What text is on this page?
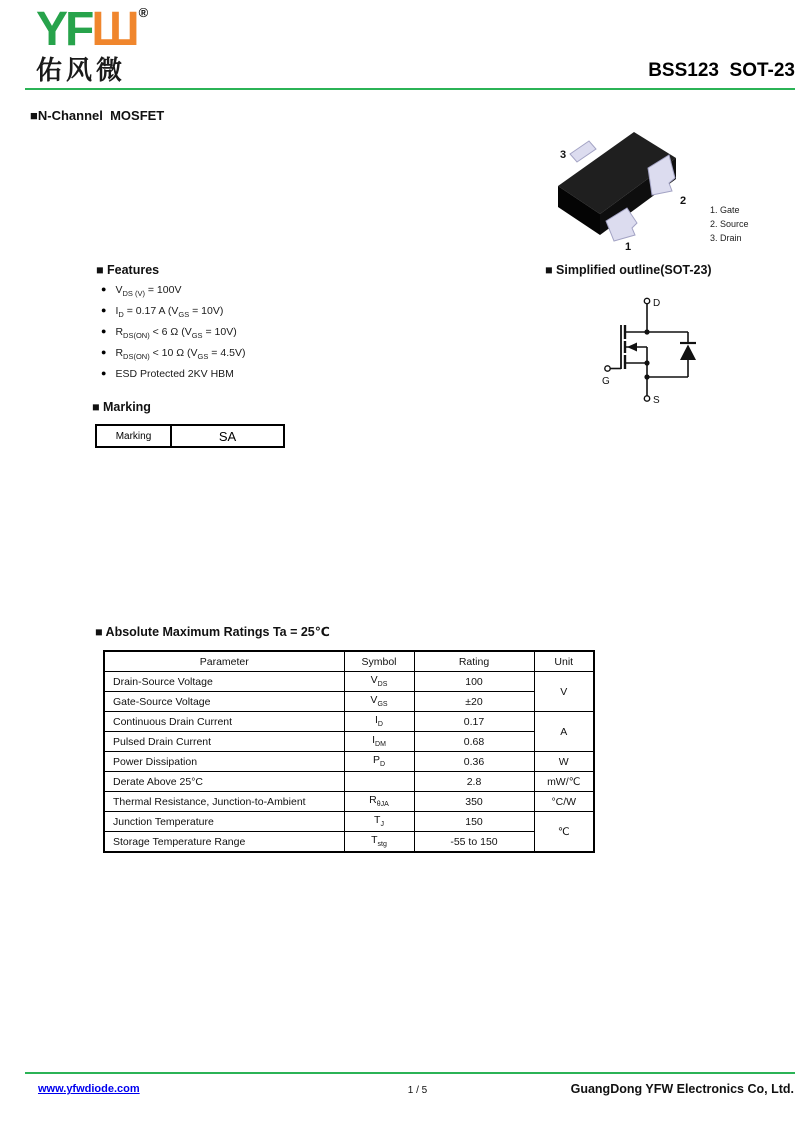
YFШ ®
佑风微	BSS123  SOT-23
■N-Channel  MOSFET
3
2
1
1. Gate
2. Source
3. Drain
■ Features
● $V_{DS (V)} = 100V$
● $I_D = 0.17$ A $(V_{GS} = 10V)$
● $R_{DS(ON)} < 6$ Ω $(V_{GS} = 10V)$
● $R_{DS(ON)} < 10$ Ω $(V_{GS} = 4.5V)$
● ESD Protected 2KV HBM
■ Simplified outline(SOT-23)
D
G
S
■ Marking
Marking	SA
■ Absolute Maximum Ratings Ta = 25℃
Parameter	Symbol	Rating	Unit
Drain-Source Voltage	$V_{DS}$	100	V
Gate-Source Voltage	$V_{GS}$	±20	
Continuous Drain Current	$I_D$	0.17	A
Pulsed Drain Current	$I_{DM}$	0.68	
Power Dissipation	$P_D$	0.36	W
Derate Above 25°C		2.8	mW/℃
Thermal Resistance, Junction-to-Ambient	$R_{\theta JA}$	350	°C/W
Junction Temperature	$T_J$	150	℃
Storage Temperature Range	$T_{stg}$	-55 to 150	
www.yfwdiode.com	1 / 5	GuangDong YFW Electronics Co, Ltd.
